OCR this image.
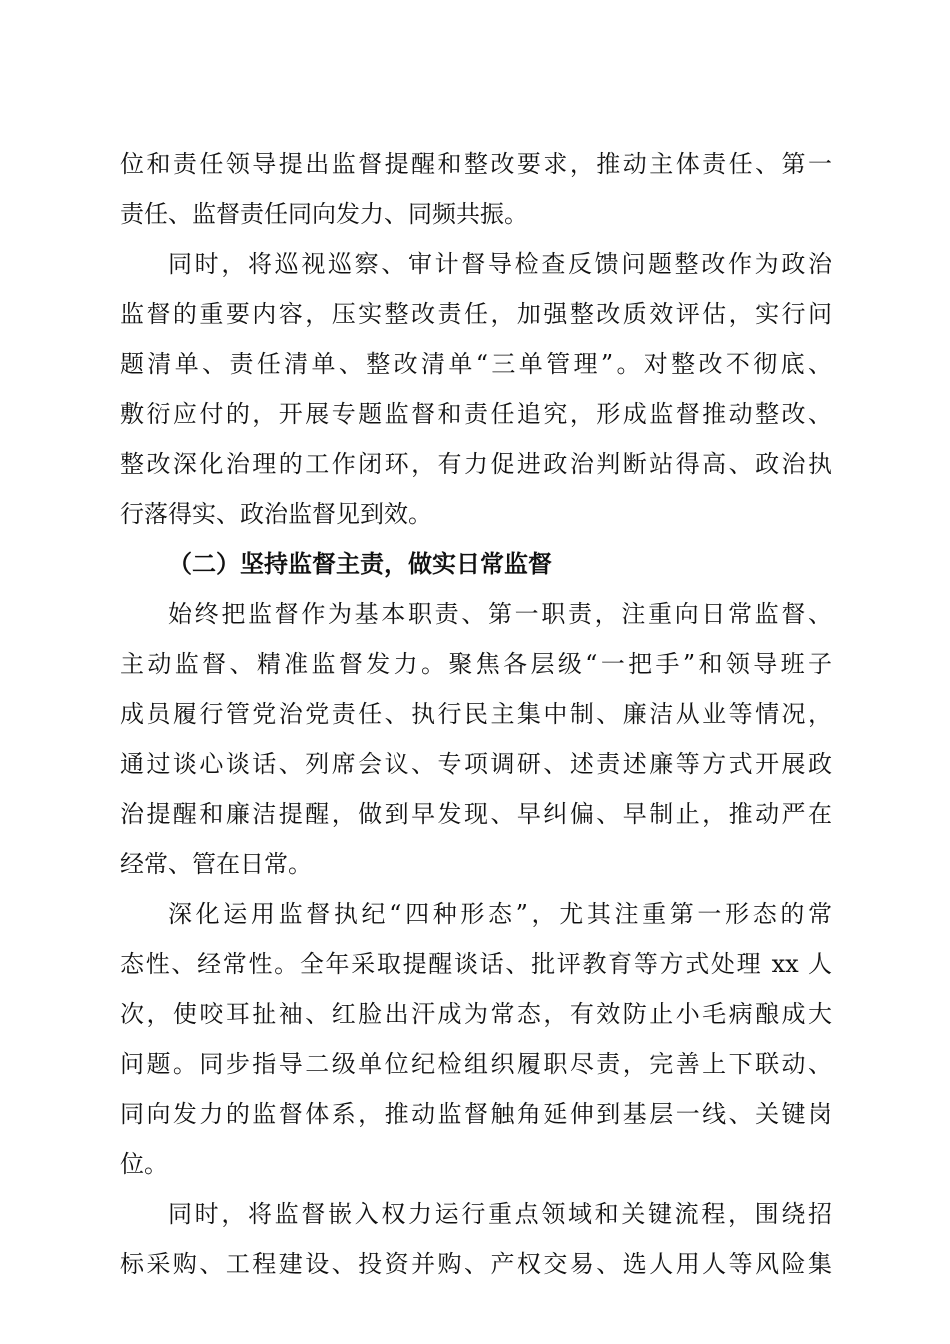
位和责任领导提出监督提醒和整改要求，推动主体责任、第一
责任、监督责任同向发力、同频共振。
同时，将巡视巡察、审计督导检查反馈问题整改作为政治
监督的重要内容，压实整改责任，加强整改质效评估，实行问
题清单、责任清单、整改清单“三单管理”。对整改不彻底、
敷衍应付的，开展专题监督和责任追究，形成监督推动整改、
整改深化治理的工作闭环，有力促进政治判断站得高、政治执
行落得实、政治监督见到效。
（二）坚持监督主责，做实日常监督
始终把监督作为基本职责、第一职责，注重向日常监督、
主动监督、精准监督发力。聚焦各层级“一把手”和领导班子
成员履行管党治党责任、执行民主集中制、廉洁从业等情况，
通过谈心谈话、列席会议、专项调研、述责述廉等方式开展政
治提醒和廉洁提醒，做到早发现、早纠偏、早制止，推动严在
经常、管在日常。
深化运用监督执纪“四种形态”，尤其注重第一形态的常
态性、经常性。全年采取提醒谈话、批评教育等方式处理 xx 人
次，使咬耳扯袖、红脸出汗成为常态，有效防止小毛病酿成大
问题。同步指导二级单位纪检组织履职尽责，完善上下联动、
同向发力的监督体系，推动监督触角延伸到基层一线、关键岗
位。
同时，将监督嵌入权力运行重点领域和关键流程，围绕招
标采购、工程建设、投资并购、产权交易、选人用人等风险集
